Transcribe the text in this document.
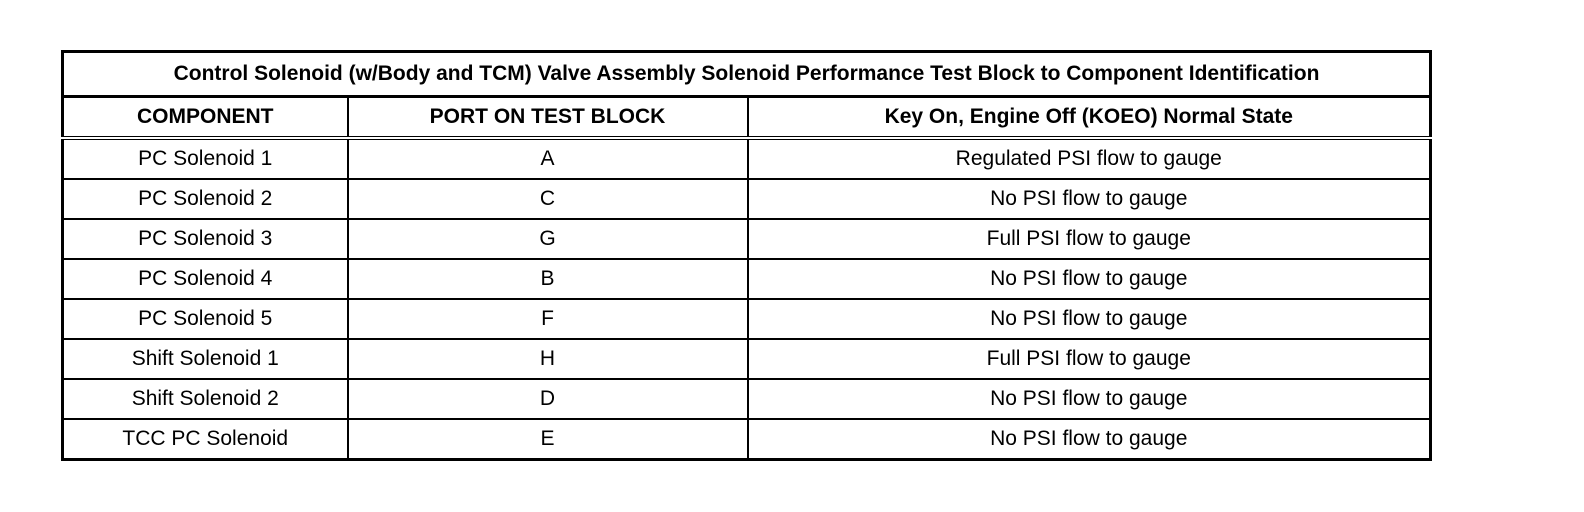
Control Solenoid (w/Body and TCM) Valve Assembly Solenoid Performance Test Block to Component Identification		
COMPONENT	PORT ON TEST BLOCK	Key On, Engine Off (KOEO) Normal State
PC Solenoid 1	A	Regulated PSI flow to gauge
PC Solenoid 2	C	No PSI flow to gauge
PC Solenoid 3	G	Full PSI flow to gauge
PC Solenoid 4	B	No PSI flow to gauge
PC Solenoid 5	F	No PSI flow to gauge
Shift Solenoid 1	H	Full PSI flow to gauge
Shift Solenoid 2	D	No PSI flow to gauge
TCC PC Solenoid	E	No PSI flow to gauge
